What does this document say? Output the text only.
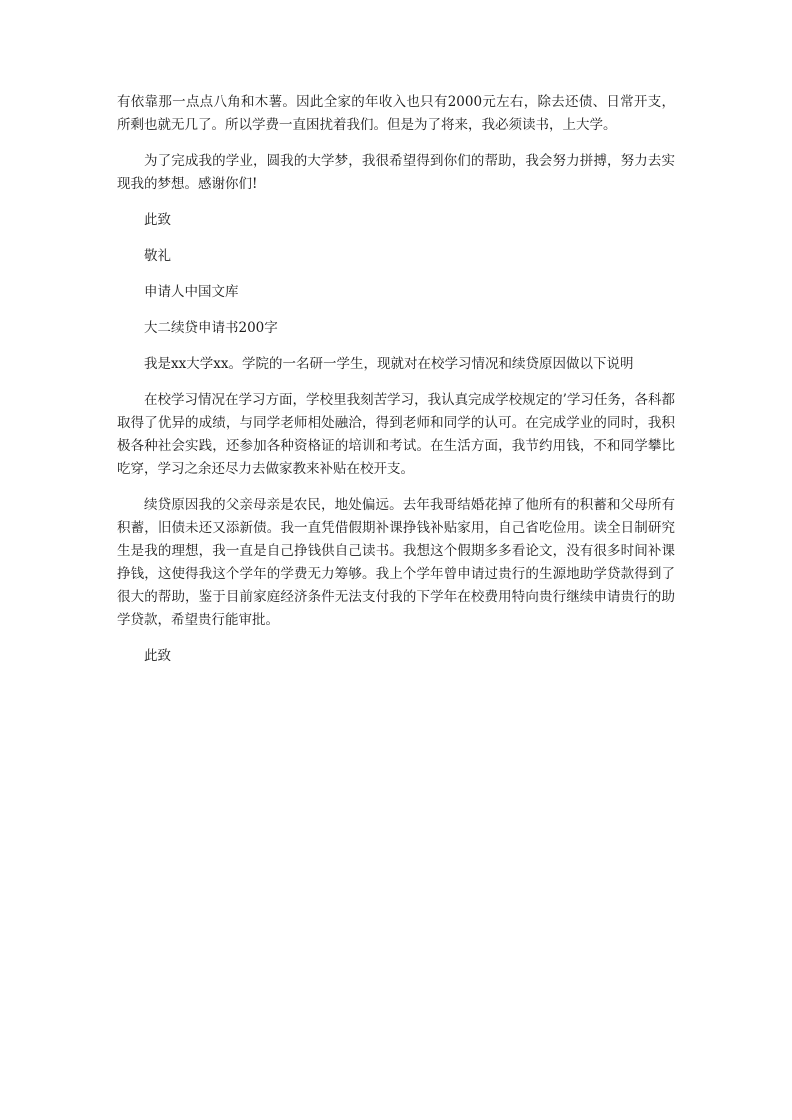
有依靠那一点点八角和木薯。因此全家的年收入也只有2000元左右，除去还债、日常开支，所剩也就无几了。所以学费一直困扰着我们。但是为了将来，我必须读书，上大学。

为了完成我的学业，圆我的大学梦，我很希望得到你们的帮助，我会努力拼搏，努力去实现我的梦想。感谢你们!

此致

敬礼

申请人中国文库

大二续贷申请书200字

我是xx大学xx。学院的一名研一学生，现就对在校学习情况和续贷原因做以下说明

在校学习情况在学习方面，学校里我刻苦学习，我认真完成学校规定的’学习任务，各科都取得了优异的成绩，与同学老师相处融洽，得到老师和同学的认可。在完成学业的同时，我积极各种社会实践，还参加各种资格证的培训和考试。在生活方面，我节约用钱，不和同学攀比吃穿，学习之余还尽力去做家教来补贴在校开支。

续贷原因我的父亲母亲是农民，地处偏远。去年我哥结婚花掉了他所有的积蓄和父母所有积蓄，旧债未还又添新债。我一直凭借假期补课挣钱补贴家用，自己省吃俭用。读全日制研究生是我的理想，我一直是自己挣钱供自己读书。我想这个假期多多看论文，没有很多时间补课挣钱，这使得我这个学年的学费无力筹够。我上个学年曾申请过贵行的生源地助学贷款得到了很大的帮助，鉴于目前家庭经济条件无法支付我的下学年在校费用特向贵行继续申请贵行的助学贷款，希望贵行能审批。

此致
